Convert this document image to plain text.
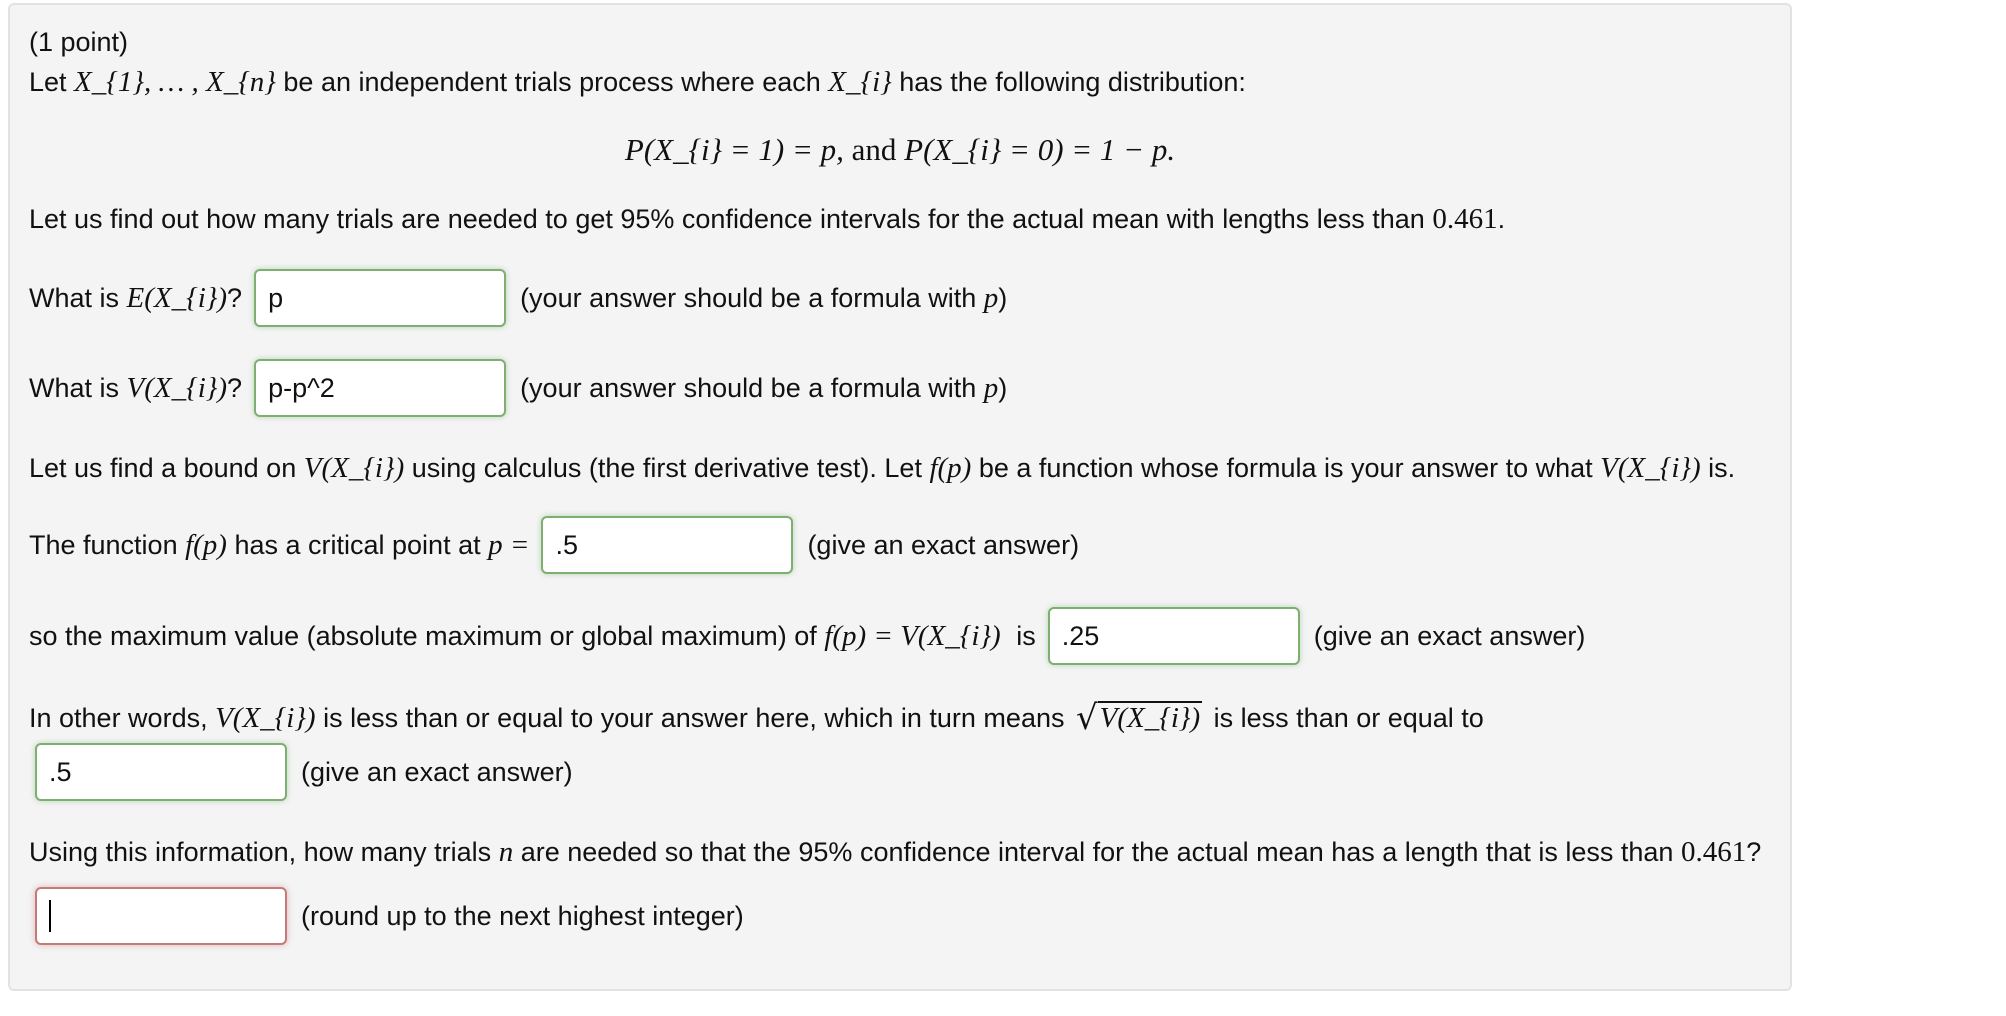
(1 point)
Let X_{1}, … , X_{n} be an independent trials process where each X_{i} has the following distribution:
P(X_{i} = 1) = p, and P(X_{i} = 0) = 1 − p.
Let us find out how many trials are needed to get 95% confidence intervals for the actual mean with lengths less than 0.461 .
What is E(X_{i}) ? p	(your answer should be a formula with p )
What is V(X_{i}) ? p-p^2	(your answer should be a formula with p )
Let us find a bound on V(X_{i}) using calculus (the first derivative test). Let f(p) be a function whose formula is your answer to what V(X_{i}) is.
The function f(p) has a critical point at p = .5	(give an exact answer)
so the maximum value (absolute maximum or global maximum) of f(p) = V(X_{i}) is .25	(give an exact answer)
In other words, V(X_{i}) is less than or equal to your answer here, which in turn means √ V(X_{i}) is less than or equal to
.5	(give an exact answer)
Using this information, how many trials n are needed so that the 95% confidence interval for the actual mean has a length that is less than 0.461 ?
(round up to the next highest integer)
